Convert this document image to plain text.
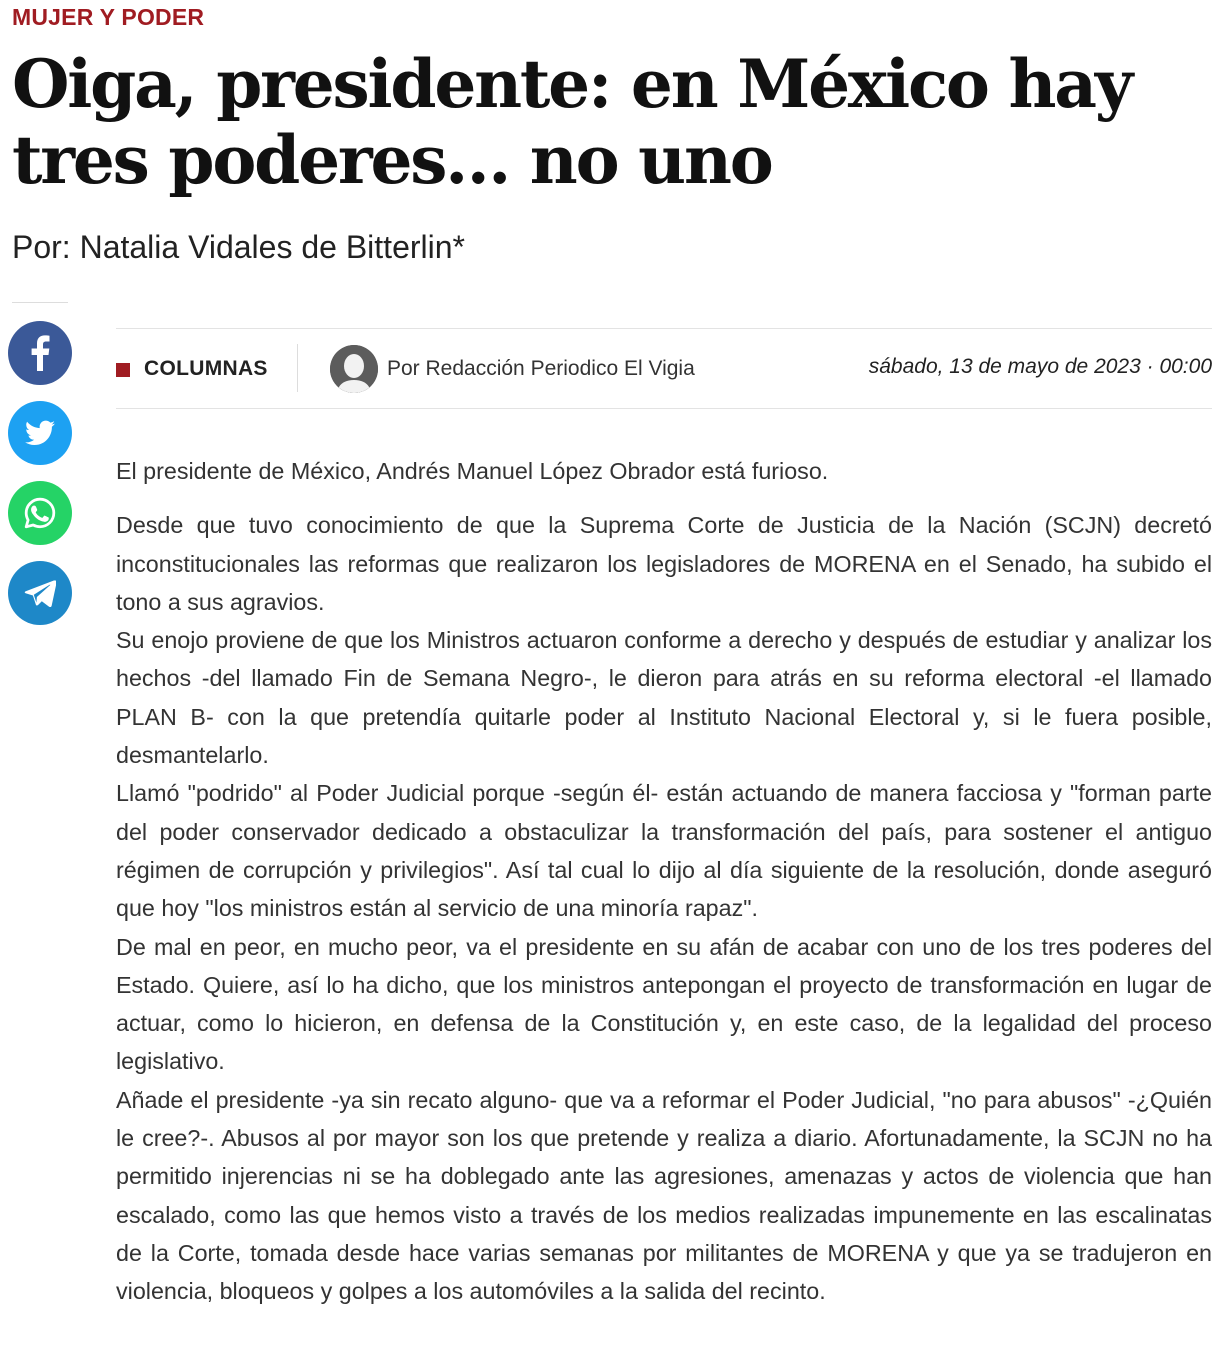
MUJER Y PODER
Oiga, presidente: en México hay tres poderes… no uno
Por: Natalia Vidales de Bitterlin*
COLUMNAS	Por Redacción Periodico El Vigia	sábado, 13 de mayo de 2023 · 00:00

El presidente de México, Andrés Manuel López Obrador está furioso.

Desde que tuvo conocimiento de que la Suprema Corte de Justicia de la Nación (SCJN) decretó inconstitucionales las reformas que realizaron los legisladores de MORENA en el Senado, ha subido el tono a sus agravios.

Su enojo proviene de que los Ministros actuaron conforme a derecho y después de estudiar y analizar los hechos -del llamado Fin de Semana Negro-, le dieron para atrás en su reforma electoral -el llamado PLAN B- con la que pretendía quitarle poder al Instituto Nacional Electoral y, si le fuera posible, desmantelarlo.

Llamó "podrido" al Poder Judicial porque -según él- están actuando de manera facciosa y "forman parte del poder conservador dedicado a obstaculizar la transformación del país, para sostener el antiguo régimen de corrupción y privilegios". Así tal cual lo dijo al día siguiente de la resolución, donde aseguró que hoy "los ministros están al servicio de una minoría rapaz".

De mal en peor, en mucho peor, va el presidente en su afán de acabar con uno de los tres poderes del Estado. Quiere, así lo ha dicho, que los ministros antepongan el proyecto de transformación en lugar de actuar, como lo hicieron, en defensa de la Constitución y, en este caso, de la legalidad del proceso legislativo.

Añade el presidente -ya sin recato alguno- que va a reformar el Poder Judicial, "no para abusos" -¿Quién le cree?-. Abusos al por mayor son los que pretende y realiza a diario. Afortunadamente, la SCJN no ha permitido injerencias ni se ha doblegado ante las agresiones, amenazas y actos de violencia que han escalado, como las que hemos visto a través de los medios realizadas impunemente en las escalinatas de la Corte, tomada desde hace varias semanas por militantes de MORENA y que ya se tradujeron en violencia, bloqueos y golpes a los automóviles a la salida del recinto.
